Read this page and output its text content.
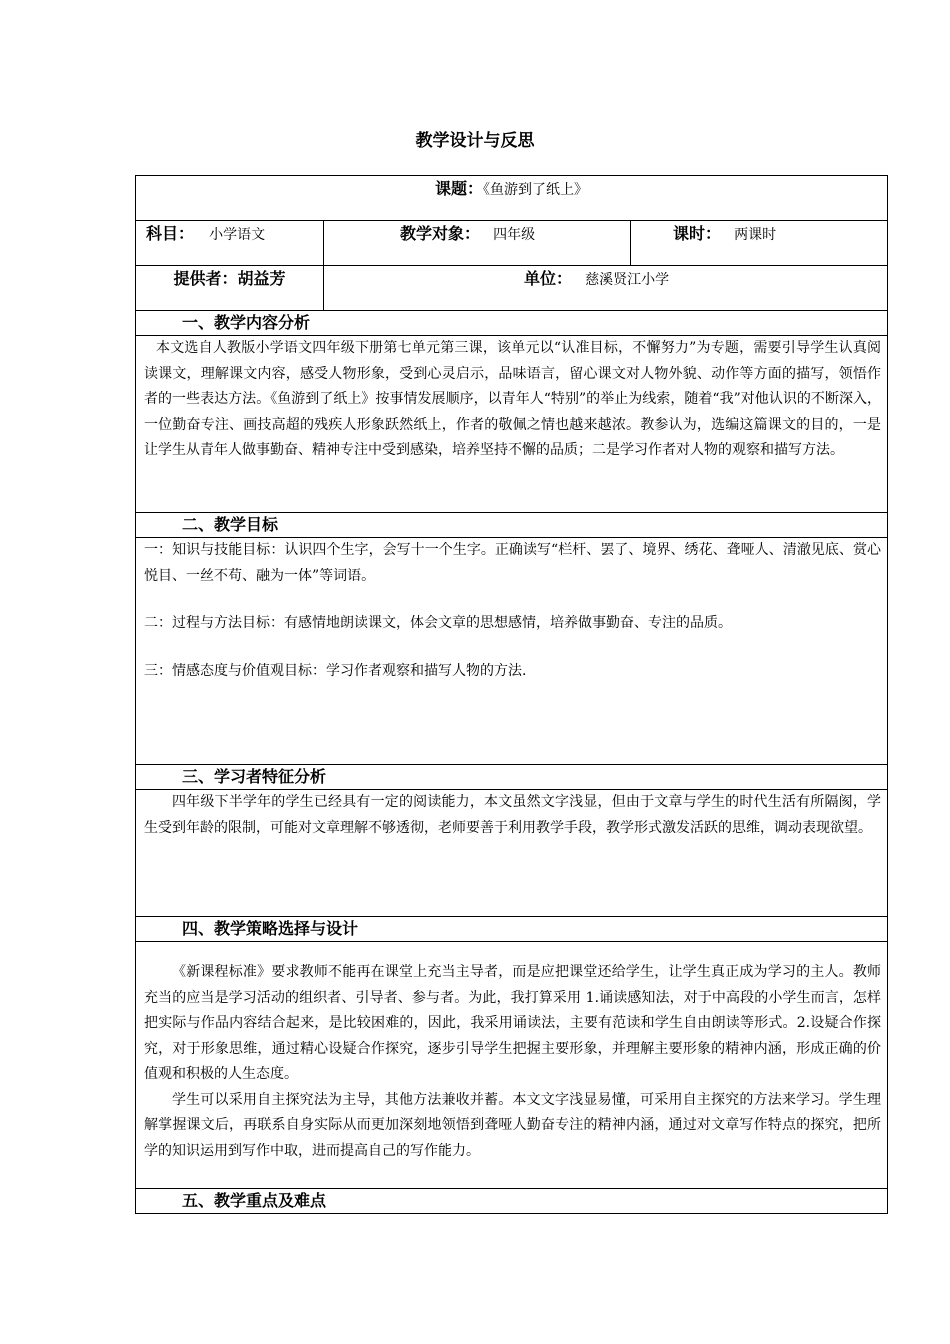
教学设计与反思
课题：《鱼游到了纸上》		
科目： 小学语文	教学对象： 四年级	课时： 两课时
提供者：胡益芳	单位： 慈溪贤江小学	

一、教学内容分析		

本文选自人教版小学语文四年级下册第七单元第三课，该单元以“认准目标，不懈努力”为专题，需要引导学生认真阅读课文，理解课文内容，感受人物形象，受到心灵启示，品味语言，留心课文对人物外貌、动作等方面的描写，领悟作者的一些表达方法。《鱼游到了纸上》按事情发展顺序，以青年人“特别”的举止为线索，随着“我”对他认识的不断深入，一位勤奋专注、画技高超的残疾人形象跃然纸上，作者的敬佩之情也越来越浓。教参认为，选编这篇课文的目的，一是让学生从青年人做事勤奋、精神专注中受到感染，培养坚持不懈的品质；二是学习作者对人物的观察和描写方法。		

二、教学目标		

一：知识与技能目标：认识四个生字，会写十一个生字。正确读写“栏杆、罢了、境界、绣花、聋哑人、清澈见底、赏心悦目、一丝不苟、融为一体”等词语。

二：过程与方法目标：有感情地朗读课文，体会文章的思想感情，培养做事勤奋、专注的品质。

三：情感态度与价值观目标：学习作者观察和描写人物的方法.		

三、学习者特征分析		

四年级下半学年的学生已经具有一定的阅读能力，本文虽然文字浅显，但由于文章与学生的时代生活有所隔阂，学生受到年龄的限制，可能对文章理解不够透彻，老师要善于利用教学手段，教学形式激发活跃的思维，调动表现欲望。		

四、教学策略选择与设计		

《新课程标准》要求教师不能再在课堂上充当主导者，而是应把课堂还给学生，让学生真正成为学习的主人。教师充当的应当是学习活动的组织者、引导者、参与者。为此，我打算采用 1.诵读感知法，对于中高段的小学生而言，怎样把实际与作品内容结合起来，是比较困难的，因此，我采用诵读法，主要有范读和学生自由朗读等形式。2.设疑合作探究，对于形象思维，通过精心设疑合作探究，逐步引导学生把握主要形象，并理解主要形象的精神内涵，形成正确的价值观和积极的人生态度。

学生可以采用自主探究法为主导，其他方法兼收并蓄。本文文字浅显易懂，可采用自主探究的方法来学习。学生理解掌握课文后，再联系自身实际从而更加深刻地领悟到聋哑人勤奋专注的精神内涵，通过对文章写作特点的探究，把所学的知识运用到写作中取，进而提高自己的写作能力。		

五、教学重点及难点		
